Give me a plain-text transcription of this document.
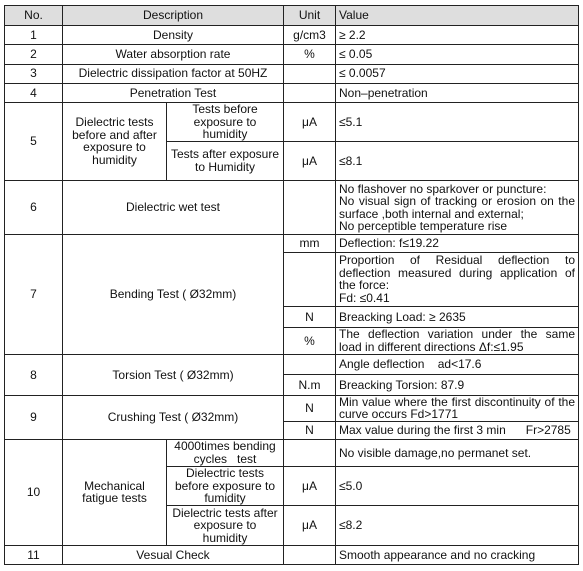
No.	Description		Unit	Value
1	Density		g/cm3	≥ 2.2
2	Water absorption rate		%	≤ 0.05
3	Dielectric dissipation factor at 50HZ			≤ 0.0057
4	Penetration Test			Non–penetration
5	Dielectric tests before and after exposure to humidity	Tests before exposure to humidity	μA	≤5.1
		Tests after exposure to Humidity	μA	≤8.1
6	Dielectric wet test			No flashover no sparkover or puncture:
No visual sign of tracking or erosion on the surface ,both internal and external;
No perceptible temperature rise

7	Bending Test ( Ø32mm)		mm	Deflection: f≤19.22

				Proportion of Residual deflection to deflection measured during application of the force:
Fd: ≤0.41

			N	Breacking Load: ≥ 2635
			%	The deflection variation under the same load in different directions Δf:≤1.95
8	Torsion Test ( Ø32mm)			Angle deflection    ad<17.6
			N.m	Breacking Torsion: 87.9
9	Crushing Test ( Ø32mm)		N	Min value where the first discontinuity of the curve occurs Fd>1771
			N	Max value during the first 3 min      Fr>2785
10	Mechanical fatigue tests	4000times bending cycles   test		No visible damage,no permanet set.
		Dielectric tests before exposure to fumidity	μA	≤5.0
		Dielectric tests after exposure to humidity	μA	≤8.2
11	Vesual Check			Smooth appearance and no cracking
